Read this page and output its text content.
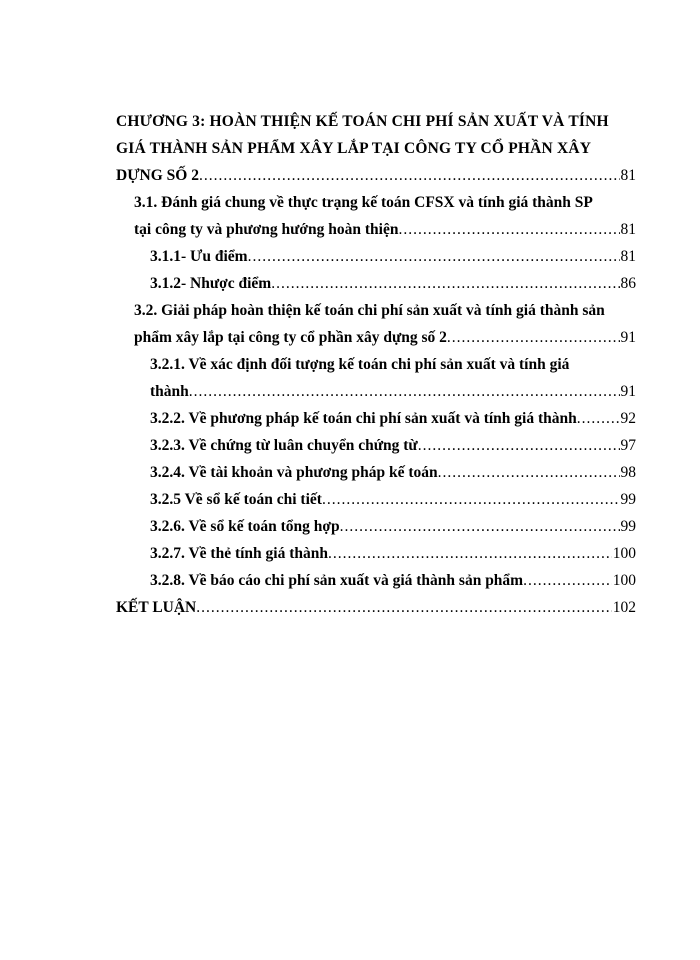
CHƯƠNG 3: HOÀN THIỆN KẾ TOÁN CHI PHÍ SẢN XUẤT VÀ TÍNH
GIÁ THÀNH SẢN PHẨM XÂY LẮP TẠI CÔNG TY CỔ PHẦN XÂY
DỰNG SỐ 2 .....	81
3.1. Đánh giá chung về thực trạng kế toán CFSX và tính giá thành SP
tại công ty và phương hướng hoàn thiện .....	81
3.1.1- Ưu điểm .....	81
3.1.2- Nhược điểm .....	86
3.2. Giải pháp hoàn thiện kế toán chi phí sản xuất và tính giá thành sản
phẩm xây lắp tại công ty cổ phần xây dựng số 2 .....	91
3.2.1. Về xác định đối tượng kế toán chi phí sản xuất và tính giá
thành .....	91
3.2.2. Về phương pháp kế toán chi phí sản xuất và tính giá thành .....	92
3.2.3. Về chứng từ luân chuyển chứng từ .....	97
3.2.4. Về tài khoản và phương pháp kế toán .....	98
3.2.5 Về sổ kế toán chi tiết .....	99
3.2.6. Về sổ kế toán tổng hợp .....	99
3.2.7. Về thẻ tính giá thành .....	100
3.2.8. Về báo cáo chi phí sản xuất và giá thành sản phẩm .....	100
KẾT LUẬN .....	102
